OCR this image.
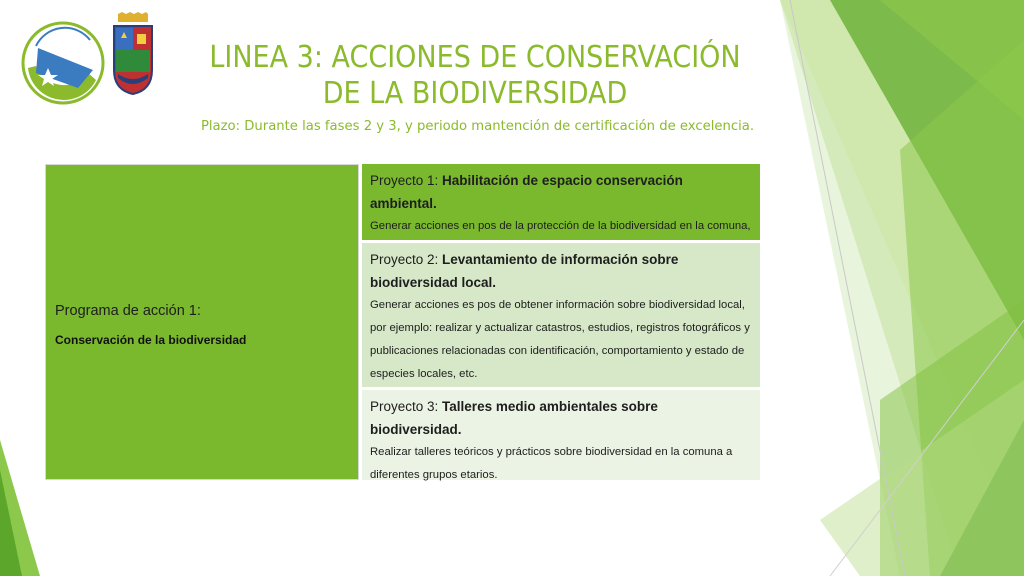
LINEA 3: ACCIONES DE CONSERVACIÓN DE LA BIODIVERSIDAD

Plazo: Durante las fases 2 y 3, y periodo mantención de certificación de excelencia.

Programa de acción 1:
Conservación de la biodiversidad
Proyecto 1: Habilitación de espacio conservación ambiental.
Generar acciones en pos de la protección de la biodiversidad en la comuna,
Proyecto 2: Levantamiento de información sobre biodiversidad local.
Generar acciones es pos de obtener información sobre biodiversidad local, por ejemplo: realizar y actualizar catastros, estudios, registros fotográficos y publicaciones relacionadas con identificación, comportamiento y estado de especies locales, etc.
Proyecto 3: Talleres medio ambientales sobre biodiversidad.
Realizar talleres teóricos y prácticos sobre biodiversidad en la comuna a diferentes grupos etarios.
